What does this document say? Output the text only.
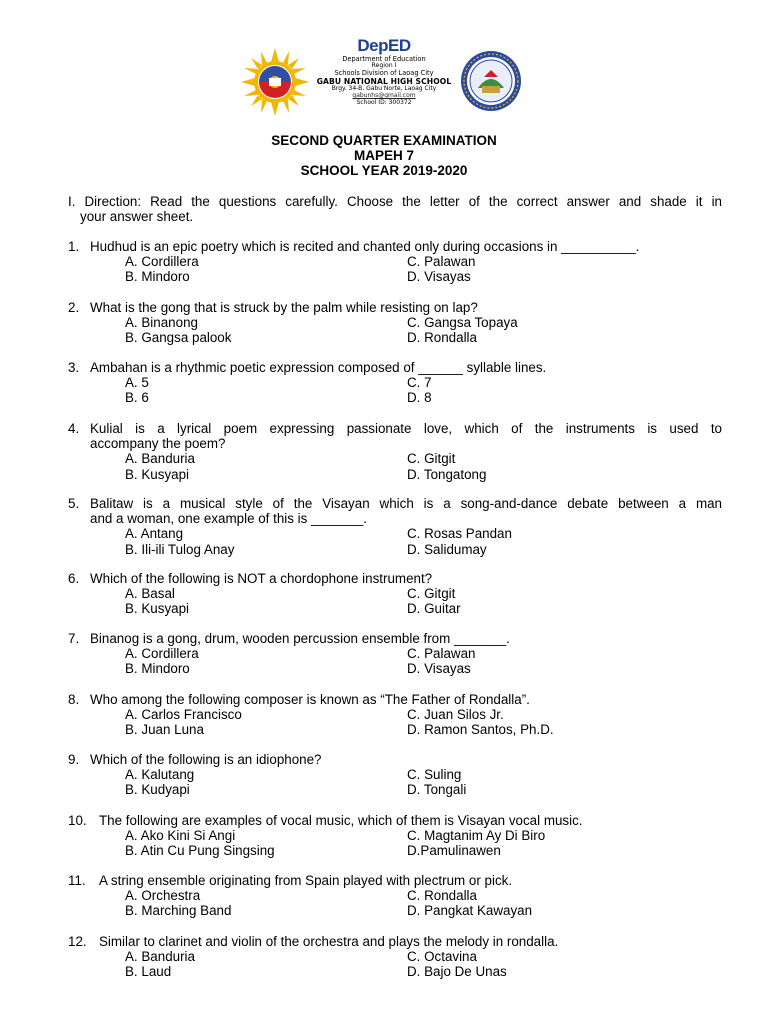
DepED
Department of Education
Region I
Schools Division of Laoag City
GABU NATIONAL HIGH SCHOOL
Brgy. 34-B, Gabu Norte, Laoag City
gabunhs@gmail.com
School ID: 300372
SECOND QUARTER EXAMINATION
MAPEH 7
SCHOOL YEAR 2019-2020
I. Direction: Read the questions carefully. Choose the letter of the correct answer and shade it in
your answer sheet.
1. Hudhud is an epic poetry which is recited and chanted only during occasions in __________.
A. Cordillera	C. Palawan
B. Mindoro	D. Visayas
2. What is the gong that is struck by the palm while resisting on lap?
A. Binanong	C. Gangsa Topaya
B. Gangsa palook	D. Rondalla
3. Ambahan is a rhythmic poetic expression composed of ______ syllable lines.
A. 5	C. 7
B. 6	D. 8
4. Kulial is a lyrical poem expressing passionate love, which of the instruments is used to
accompany the poem?
A. Banduria	C. Gitgit
B. Kusyapi	D. Tongatong
5. Balitaw is a musical style of the Visayan which is a song-and-dance debate between a man
and a woman, one example of this is _______.
A. Antang	C. Rosas Pandan
B. Ili-ili Tulog Anay	D. Salidumay
6. Which of the following is NOT a chordophone instrument?
A. Basal	C. Gitgit
B. Kusyapi	D. Guitar
7. Binanog is a gong, drum, wooden percussion ensemble from _______.
A. Cordillera	C. Palawan
B. Mindoro	D. Visayas
8. Who among the following composer is known as “The Father of Rondalla”.
A. Carlos Francisco	C. Juan Silos Jr.
B. Juan Luna	D. Ramon Santos, Ph.D.
9. Which of the following is an idiophone?
A. Kalutang	C. Suling
B. Kudyapi	D. Tongali
10. The following are examples of vocal music, which of them is Visayan vocal music.
A. Ako Kini Si Angi	C. Magtanim Ay Di Biro
B. Atin Cu Pung Singsing	D.Pamulinawen
11. A string ensemble originating from Spain played with plectrum or pick.
A. Orchestra	C. Rondalla
B. Marching Band	D. Pangkat Kawayan
12. Similar to clarinet and violin of the orchestra and plays the melody in rondalla.
A. Banduria	C. Octavina
B. Laud	D. Bajo De Unas
